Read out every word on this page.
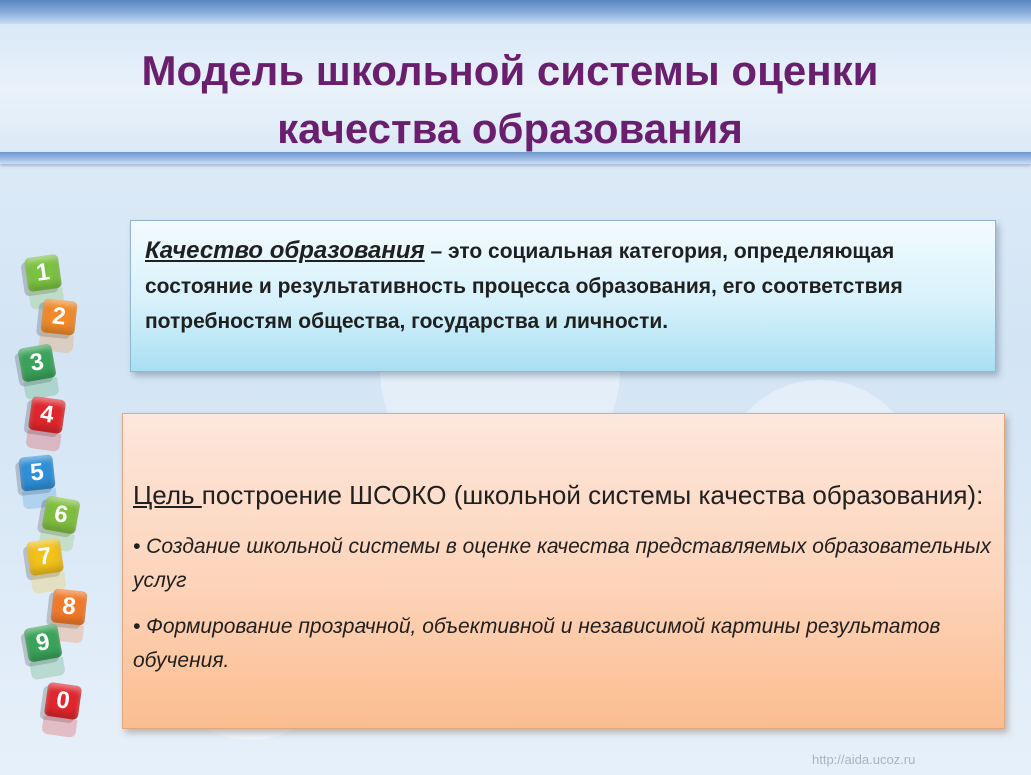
Модель школьной системы оценки
качества образования
1
2
3
4
5
6
7
8
9
0
Качество образования – это социальная категория, определяющая состояние и результативность процесса образования, его соответствия потребностям общества, государства и личности.
Цель построение ШСОКО (школьной системы качества образования):
• Создание школьной системы в оценке качества представляемых образовательных услуг
• Формирование прозрачной, объективной и независимой картины результатов обучения.
http://aida.ucoz.ru
